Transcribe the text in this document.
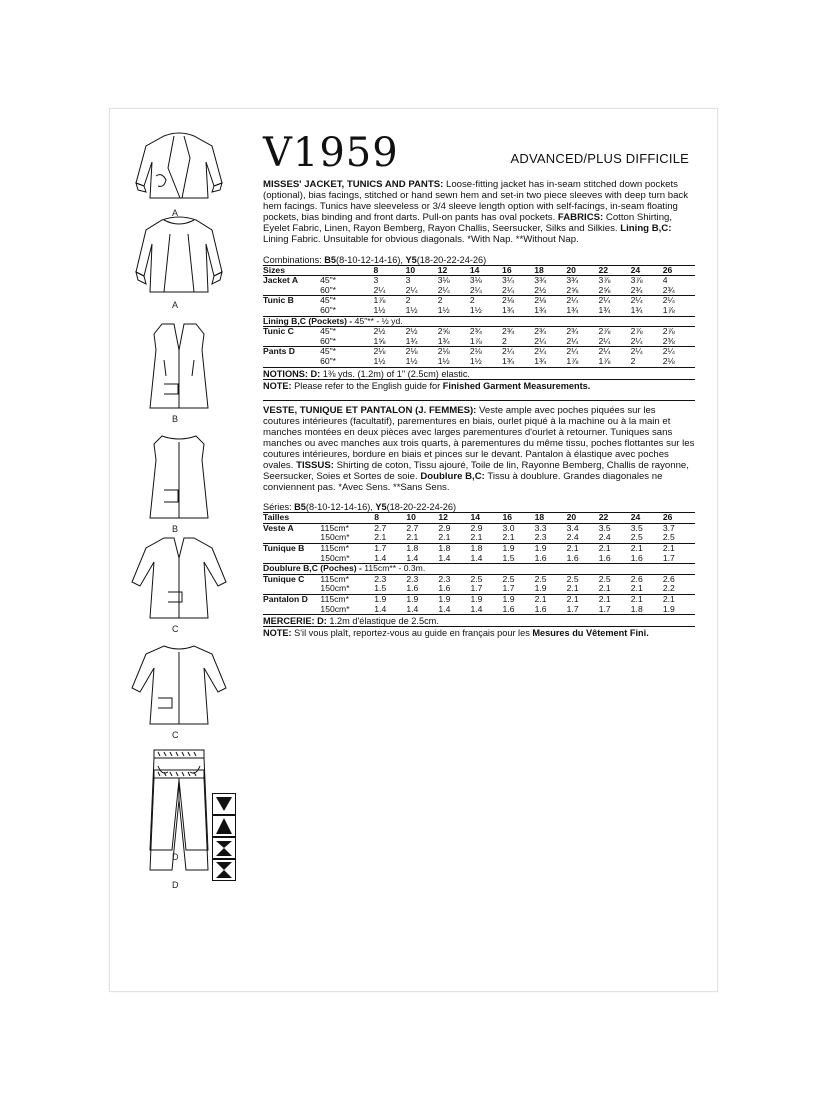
A
A
B
B
C
C
D
D
V1959	ADVANCED/PLUS DIFFICILE

MISSES' JACKET, TUNICS AND PANTS: Loose-fitting jacket has in-seam stitched down pockets (optional), bias facings, stitched or hand sewn hem and set-in two piece sleeves with deep turn back hem facings. Tunics have sleeveless or 3/4 sleeve length option with self-facings, in-seam floating pockets, bias binding and front darts. Pull-on pants has oval pockets. FABRICS: Cotton Shirting, Eyelet Fabric, Linen, Rayon Bemberg, Rayon Challis, Seersucker, Silks and Silkies. Lining B,C: Lining Fabric. Unsuitable for obvious diagonals. *With Nap. **Without Nap.

Combinations: B5(8-10-12-14-16), Y5(18-20-22-24-26)
Sizes		8	10	12	14	16	18	20	22	24	26
Jacket A	45"*	3	3	3⅛	3⅛	3¼	3¾	3¾	3⅞	3⅞	4
	60"*	2¼	2¼	2¼	2¼	2¼	2½	2⅝	2⅝	2¾	2¾
Tunic B	45"*	1⅞	2	2	2	2⅛	2⅛	2¼	2¼	2¼	2¼
	60"*	1½	1½	1½	1½	1¾	1¾	1¾	1¾	1¾	1⅞
Lining B,C (Pockets) - 45"** - ½ yd.											
Tunic C	45"*	2½	2½	2⅝	2¾	2¾	2¾	2¾	2⅞	2⅞	2⅞
	60"*	1⅝	1¾	1¾	1⅞	2	2¼	2¼	2¼	2¼	2⅜
Pants D	45"*	2⅛	2⅛	2⅛	2⅛	2¼	2¼	2¼	2¼	2¼	2¼
	60"*	1½	1½	1½	1½	1¾	1¾	1⅞	1⅞	2	2⅛
NOTIONS: D: 1⅜ yds. (1.2m) of 1" (2.5cm) elastic.
NOTE: Please refer to the English guide for Finished Garment Measurements.

VESTE, TUNIQUE ET PANTALON (J. FEMMES): Veste ample avec poches piquées sur les coutures intérieures (facultatif), parementures en biais, ourlet piqué à la machine ou à la main et manches montées en deux pièces avec larges parementures d'ourlet à retourner. Tuniques sans manches ou avec manches aux trois quarts, à parementures du même tissu, poches flottantes sur les coutures intérieures, bordure en biais et pinces sur le devant. Pantalon à élastique avec poches ovales. TISSUS: Shirting de coton, Tissu ajouré, Toile de lin, Rayonne Bemberg, Challis de rayonne, Seersucker, Soies et Sortes de soie. Doublure B,C: Tissu à doublure. Grandes diagonales ne conviennent pas. *Avec Sens. **Sans Sens.

Séries: B5(8-10-12-14-16), Y5(18-20-22-24-26)
Tailles		8	10	12	14	16	18	20	22	24	26
Veste A	115cm*	2.7	2.7	2.9	2.9	3.0	3.3	3.4	3.5	3.5	3.7
	150cm*	2.1	2.1	2.1	2.1	2.1	2.3	2.4	2.4	2.5	2.5
Tunique B	115cm*	1.7	1.8	1.8	1.8	1.9	1.9	2.1	2.1	2.1	2.1
	150cm*	1.4	1.4	1.4	1.4	1.5	1.6	1.6	1.6	1.6	1.7
Doublure B,C (Poches) - 115cm** - 0.3m.											
Tunique C	115cm*	2.3	2.3	2.3	2.5	2.5	2.5	2.5	2.5	2.6	2.6
	150cm*	1.5	1.6	1.6	1.7	1.7	1.9	2.1	2.1	2.1	2.2
Pantalon D	115cm*	1.9	1.9	1.9	1.9	1.9	2.1	2.1	2.1	2.1	2.1
	150cm*	1.4	1.4	1.4	1.4	1.6	1.6	1.7	1.7	1.8	1.9
MERCERIE: D: 1.2m d'élastique de 2.5cm.
NOTE: S'il vous plaît, reportez-vous au guide en français pour les Mesures du Vêtement Fini.
